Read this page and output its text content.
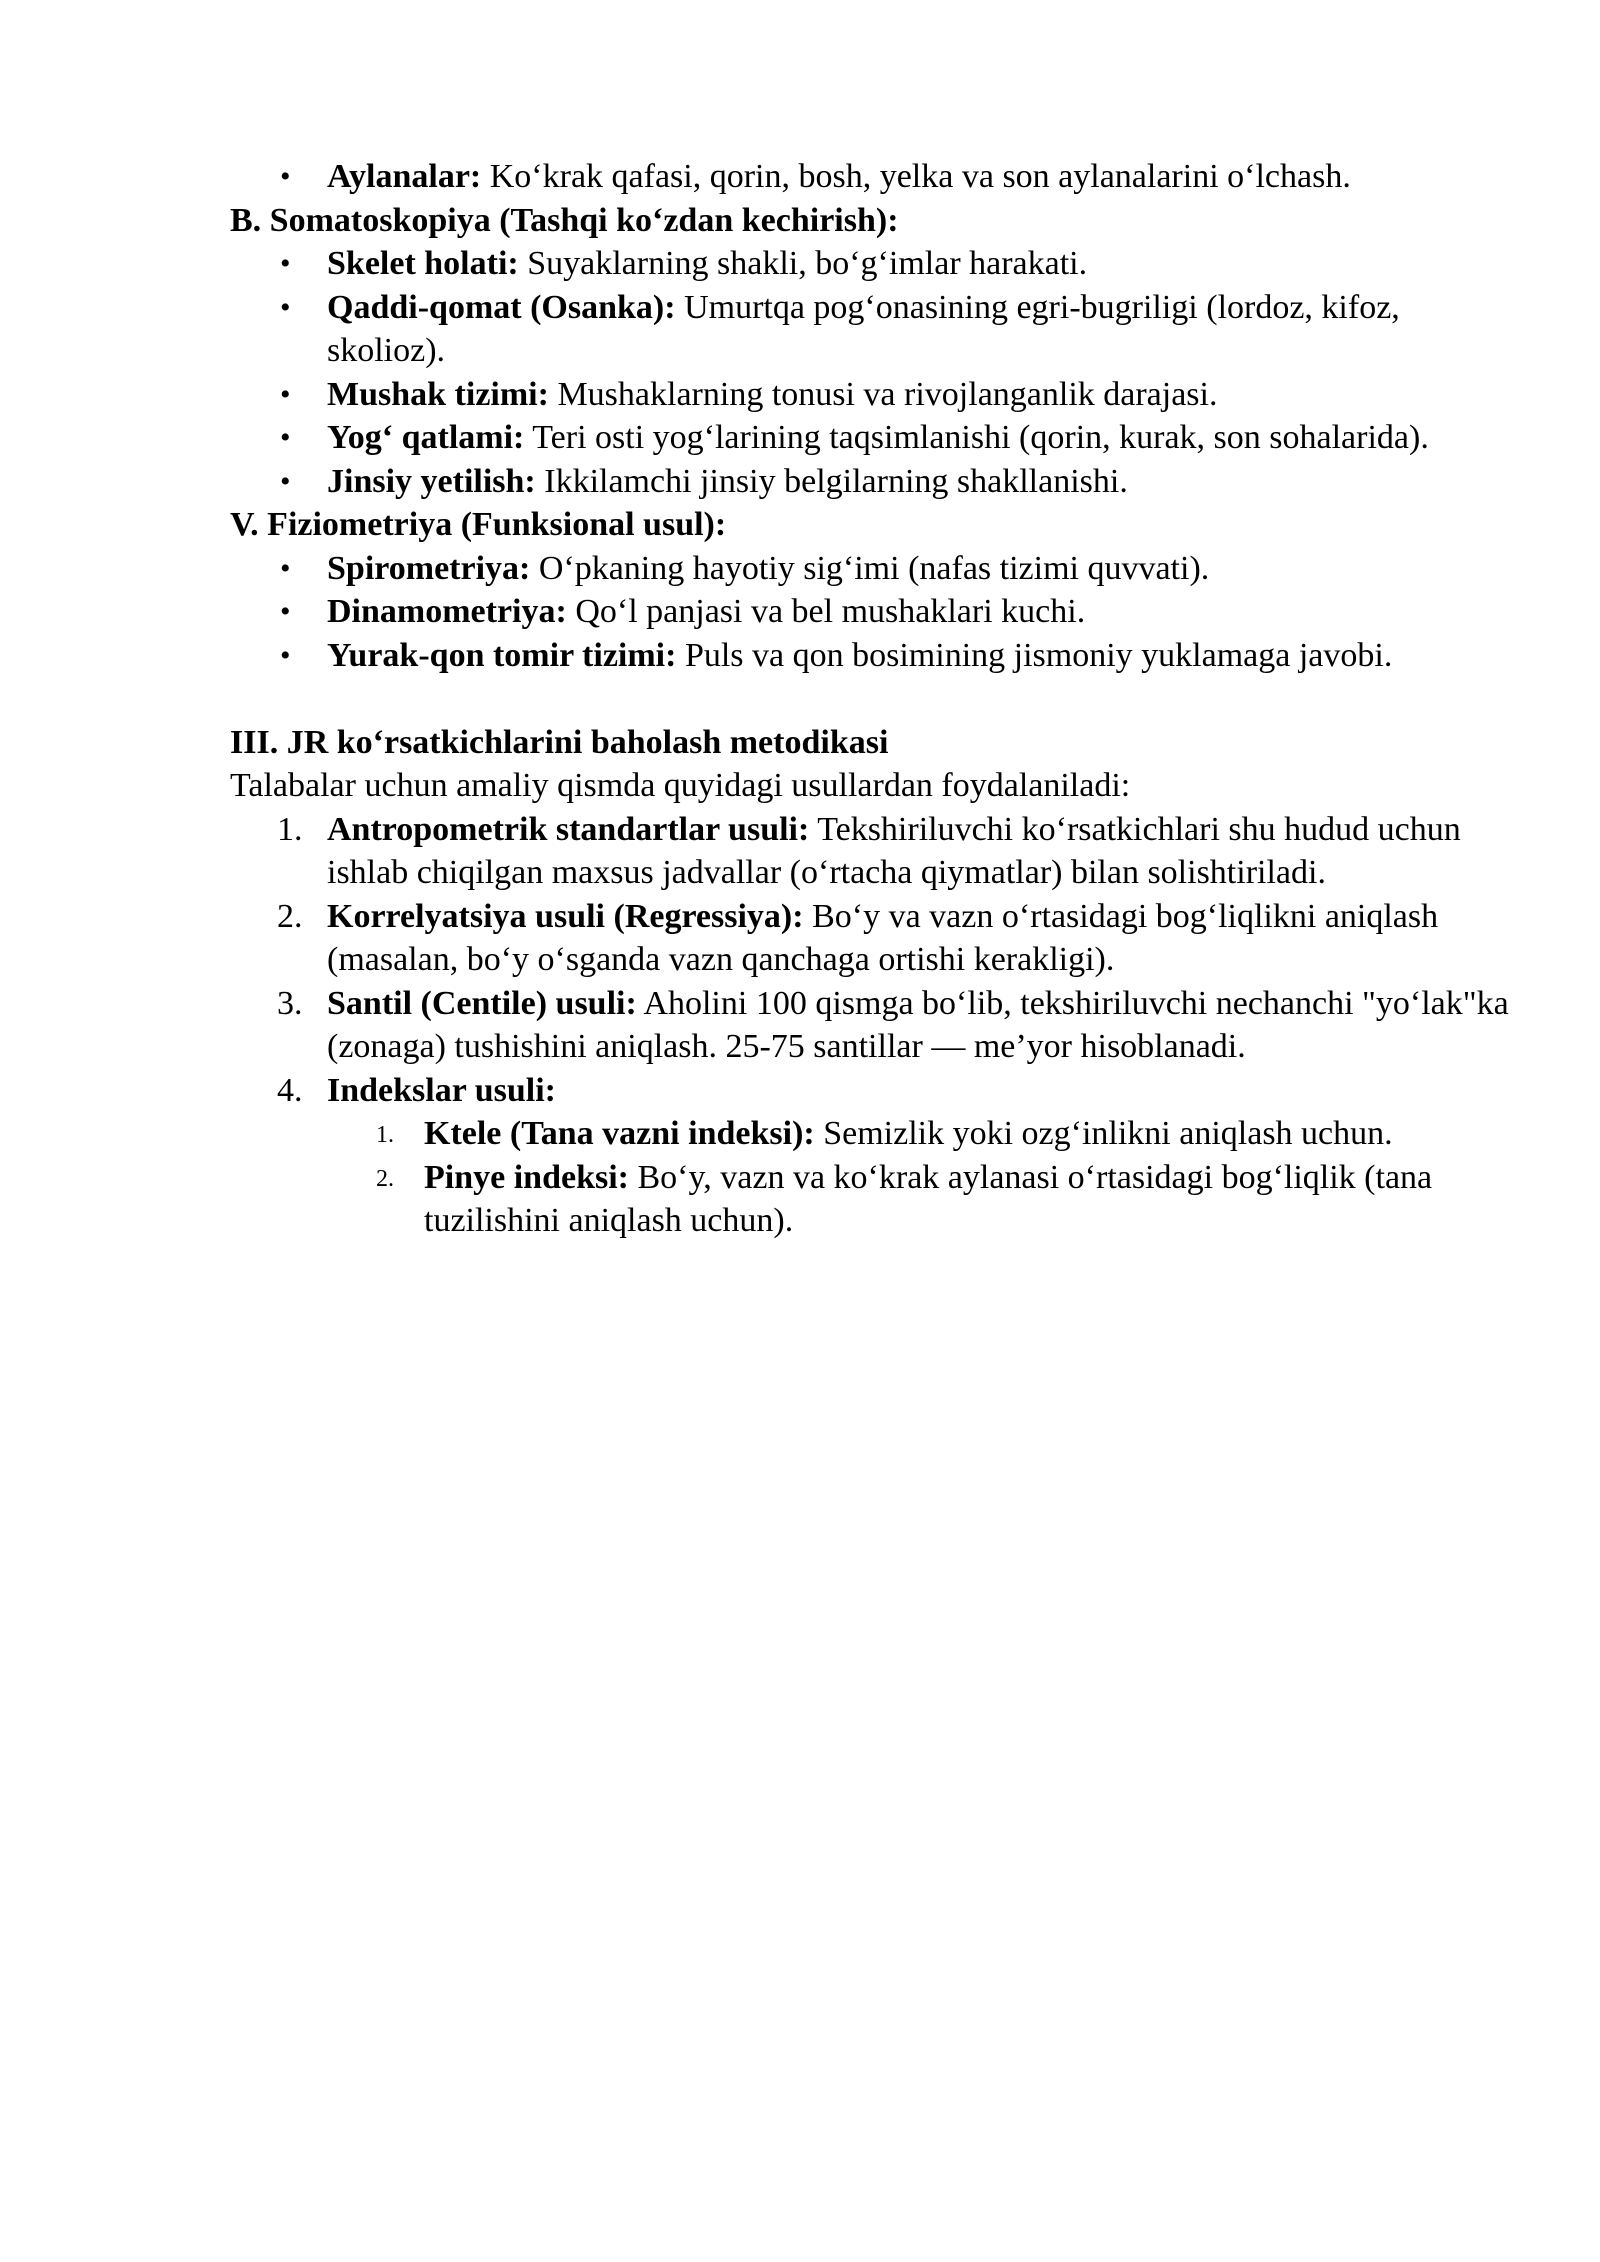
• Aylanalar: Ko‘krak qafasi, qorin, bosh, yelka va son aylanalarini o‘lchash.

B. Somatoskopiya (Tashqi ko‘zdan kechirish):

• Skelet holati: Suyaklarning shakli, bo‘g‘imlar harakati.
• Qaddi-qomat (Osanka): Umurtqa pog‘onasining egri-bugriligi (lordoz, kifoz, skolioz).
• Mushak tizimi: Mushaklarning tonusi va rivojlanganlik darajasi.
• Yog‘ qatlami: Teri osti yog‘larining taqsimlanishi (qorin, kurak, son sohalarida).
• Jinsiy yetilish: Ikkilamchi jinsiy belgilarning shakllanishi.

V. Fiziometriya (Funksional usul):

• Spirometriya: O‘pkaning hayotiy sig‘imi (nafas tizimi quvvati).
• Dinamometriya: Qo‘l panjasi va bel mushaklari kuchi.
• Yurak-qon tomir tizimi: Puls va qon bosimining jismoniy yuklamaga javobi.

III. JR ko‘rsatkichlarini baholash metodikasi

Talabalar uchun amaliy qismda quyidagi usullardan foydalaniladi:

1. Antropometrik standartlar usuli: Tekshiriluvchi ko‘rsatkichlari shu hudud uchun ishlab chiqilgan maxsus jadvallar (o‘rtacha qiymatlar) bilan solishtiriladi.
2. Korrelyatsiya usuli (Regressiya): Bo‘y va vazn o‘rtasidagi bog‘liqlikni aniqlash (masalan, bo‘y o‘sganda vazn qanchaga ortishi kerakligi).
3. Santil (Centile) usuli: Aholini 100 qismga bo‘lib, tekshiriluvchi nechanchi "yo‘lak"ka (zonaga) tushishini aniqlash. 25-75 santillar — me’yor hisoblanadi.
4. Indekslar usuli:
1. Ktele (Tana vazni indeksi): Semizlik yoki ozg‘inlikni aniqlash uchun.
2. Pinye indeksi: Bo‘y, vazn va ko‘krak aylanasi o‘rtasidagi bog‘liqlik (tana tuzilishini aniqlash uchun).
